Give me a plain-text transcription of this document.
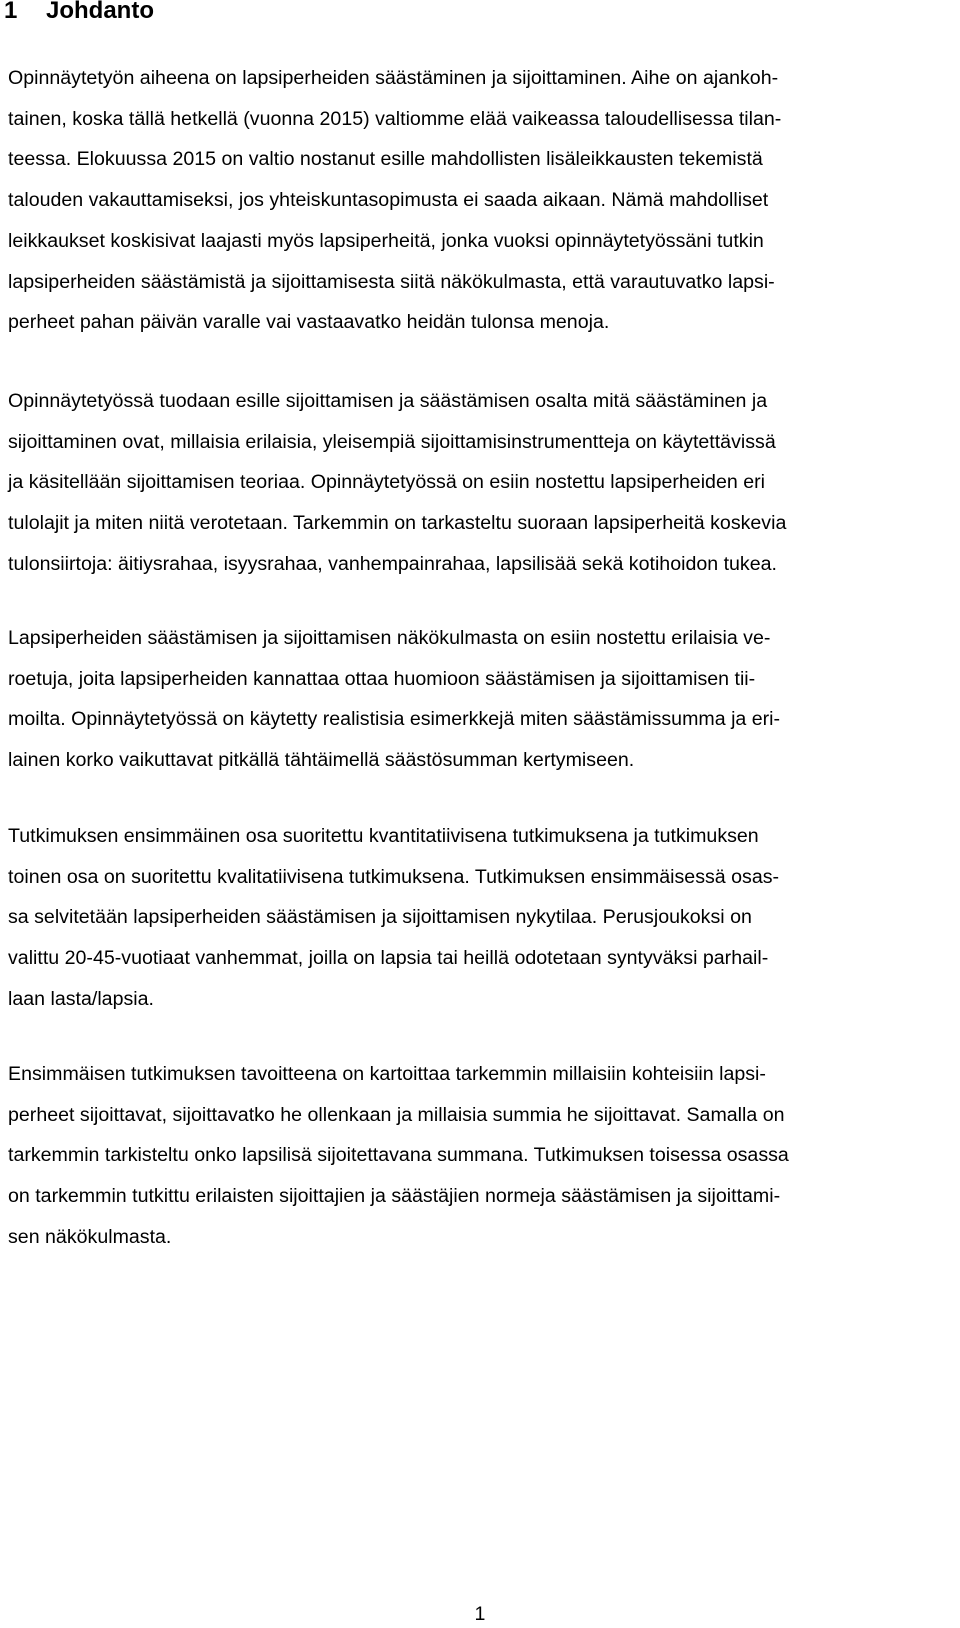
1 Johdanto

Opinnäytetyön aiheena on lapsiperheiden säästäminen ja sijoittaminen. Aihe on ajankoh-
tainen, koska tällä hetkellä (vuonna 2015) valtiomme elää vaikeassa taloudellisessa tilan-
teessa. Elokuussa 2015 on valtio nostanut esille mahdollisten lisäleikkausten tekemistä
talouden vakauttamiseksi, jos yhteiskuntasopimusta ei saada aikaan. Nämä mahdolliset
leikkaukset koskisivat laajasti myös lapsiperheitä, jonka vuoksi opinnäytetyössäni tutkin
lapsiperheiden säästämistä ja sijoittamisesta siitä näkökulmasta, että varautuvatko lapsi-
perheet pahan päivän varalle vai vastaavatko heidän tulonsa menoja.

Opinnäytetyössä tuodaan esille sijoittamisen ja säästämisen osalta mitä säästäminen ja
sijoittaminen ovat, millaisia erilaisia, yleisempiä sijoittamisinstrumentteja on käytettävissä
ja käsitellään sijoittamisen teoriaa. Opinnäytetyössä on esiin nostettu lapsiperheiden eri
tulolajit ja miten niitä verotetaan. Tarkemmin on tarkasteltu suoraan lapsiperheitä koskevia
tulonsiirtoja: äitiysrahaa, isyysrahaa, vanhempainrahaa, lapsilisää sekä kotihoidon tukea.

Lapsiperheiden säästämisen ja sijoittamisen näkökulmasta on esiin nostettu erilaisia ve-
roetuja, joita lapsiperheiden kannattaa ottaa huomioon säästämisen ja sijoittamisen tii-
moilta. Opinnäytetyössä on käytetty realistisia esimerkkejä miten säästämissumma ja eri-
lainen korko vaikuttavat pitkällä tähtäimellä säästösumman kertymiseen.

Tutkimuksen ensimmäinen osa suoritettu kvantitatiivisena tutkimuksena ja tutkimuksen
toinen osa on suoritettu kvalitatiivisena tutkimuksena. Tutkimuksen ensimmäisessä osas-
sa selvitetään lapsiperheiden säästämisen ja sijoittamisen nykytilaa. Perusjoukoksi on
valittu 20-45-vuotiaat vanhemmat, joilla on lapsia tai heillä odotetaan syntyväksi parhail-
laan lasta/lapsia.

Ensimmäisen tutkimuksen tavoitteena on kartoittaa tarkemmin millaisiin kohteisiin lapsi-
perheet sijoittavat, sijoittavatko he ollenkaan ja millaisia summia he sijoittavat. Samalla on
tarkemmin tarkisteltu onko lapsilisä sijoitettavana summana. Tutkimuksen toisessa osassa
on tarkemmin tutkittu erilaisten sijoittajien ja säästäjien normeja säästämisen ja sijoittami-
sen näkökulmasta.

1
